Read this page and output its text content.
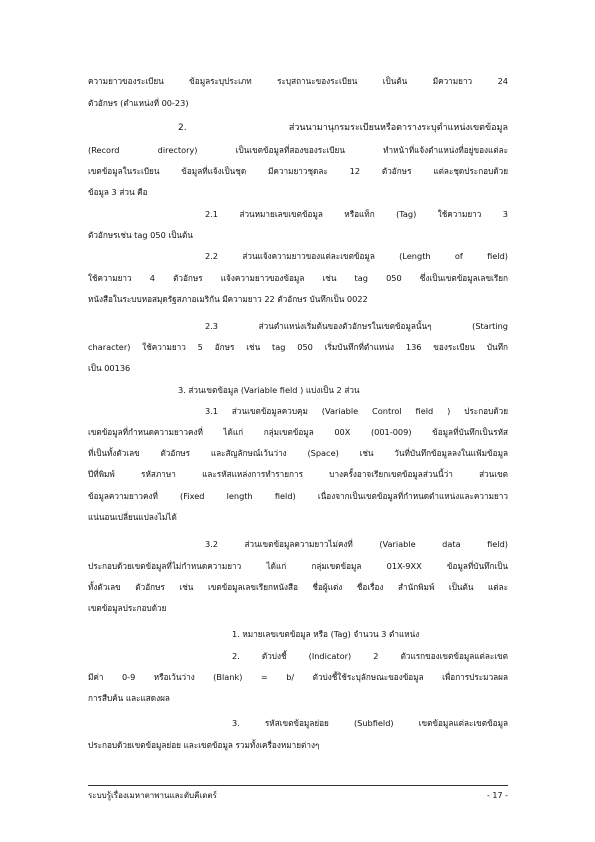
ความยาวของระเบียน ข้อมูลระบุประเภท ระบุสถานะของระเบียน เป็นต้น มีความยาว 24
ตัวอักษร (ตำแหน่งที่ 00-23)
2. ส่วนนามานุกรมระเบียนหรือตารางระบุตำแหน่งเขตข้อมูล
(Record directory) เป็นเขตข้อมูลที่สองของระเบียน ทำหน้าที่แจ้งตำแหน่งที่อยู่ของแต่ละ
เขตข้อมูลในระเบียน ข้อมูลที่แจ้งเป็นชุด มีความยาวชุดละ 12 ตัวอักษร แต่ละชุดประกอบด้วย
ข้อมูล 3 ส่วน คือ
2.1 ส่วนหมายเลขเขตข้อมูล หรือแท็ก (Tag) ใช้ความยาว 3
ตัวอักษรเช่น tag 050 เป็นต้น
2.2 ส่วนแจ้งความยาวของแต่ละเขตข้อมูล (Length of field)
ใช้ความยาว 4 ตัวอักษร แจ้งความยาวของข้อมูล เช่น tag 050 ซึ่งเป็นเขตข้อมูลเลขเรียก
หนังสือในระบบหอสมุดรัฐสภาอเมริกัน มีความยาว 22 ตัวอักษร บันทึกเป็น 0022
2.3 ส่วนตำแหน่งเริ่มต้นของตัวอักษรในเขตข้อมูลนั้นๆ (Starting
character) ใช้ความยาว 5 อักษร เช่น tag 050 เริ่มบันทึกที่ตำแหน่ง 136 ของระเบียน บันทึก
เป็น 00136
3. ส่วนเขตข้อมูล (Variable field ) แบ่งเป็น 2 ส่วน
3.1 ส่วนเขตข้อมูลควบคุม (Variable Control field ) ประกอบด้วย
เขตข้อมูลที่กำหนดความยาวคงที่ ได้แก่ กลุ่มเขตข้อมูล 00X (001-009) ข้อมูลที่บันทึกเป็นรหัส
ที่เป็นทั้งตัวเลข ตัวอักษร และสัญลักษณ์เว้นว่าง (Space) เช่น วันที่บันทึกข้อมูลลงในแฟ้มข้อมูล
ปีที่พิมพ์ รหัสภาษา และรหัสแหล่งการทำรายการ บางครั้งอาจเรียกเขตข้อมูลส่วนนี้ว่า ส่วนเขต
ข้อมูลความยาวคงที่ (Fixed length field) เนื่องจากเป็นเขตข้อมูลที่กำหนดตำแหน่งและความยาว
แน่นอนเปลี่ยนแปลงไม่ได้
3.2 ส่วนเขตข้อมูลความยาวไม่คงที่ (Variable data field)
ประกอบด้วยเขตข้อมูลที่ไม่กำหนดความยาว ได้แก่ กลุ่มเขตข้อมูล 01X-9XX ข้อมูลที่บันทึกเป็น
ทั้งตัวเลข ตัวอักษร เช่น เขตข้อมูลเลขเรียกหนังสือ ชื่อผู้แต่ง ชื่อเรื่อง สำนักพิมพ์ เป็นต้น แต่ละ
เขตข้อมูลประกอบด้วย
1. หมายเลขเขตข้อมูล หรือ (Tag) จำนวน 3 ตำแหน่ง
2. ตัวบ่งชี้ (Indicator) 2 ตัวแรกของเขตข้อมูลแต่ละเขต
มีค่า 0-9 หรือเว้นว่าง (Blank) = b/ ตัวบ่งชี้ใช้ระบุลักษณะของข้อมูล เพื่อการประมวลผล
การสืบค้น และแสดงผล
3. รหัสเขตข้อมูลย่อย (Subfield) เขตข้อมูลแต่ละเขตข้อมูล
ประกอบด้วยเขตข้อมูลย่อย และเขตข้อมูล รวมทั้งเครื่องหมายต่างๆ
ระบบรู้เรื่องเมหาตาพานและตับคีเดตร์	- 17 -
